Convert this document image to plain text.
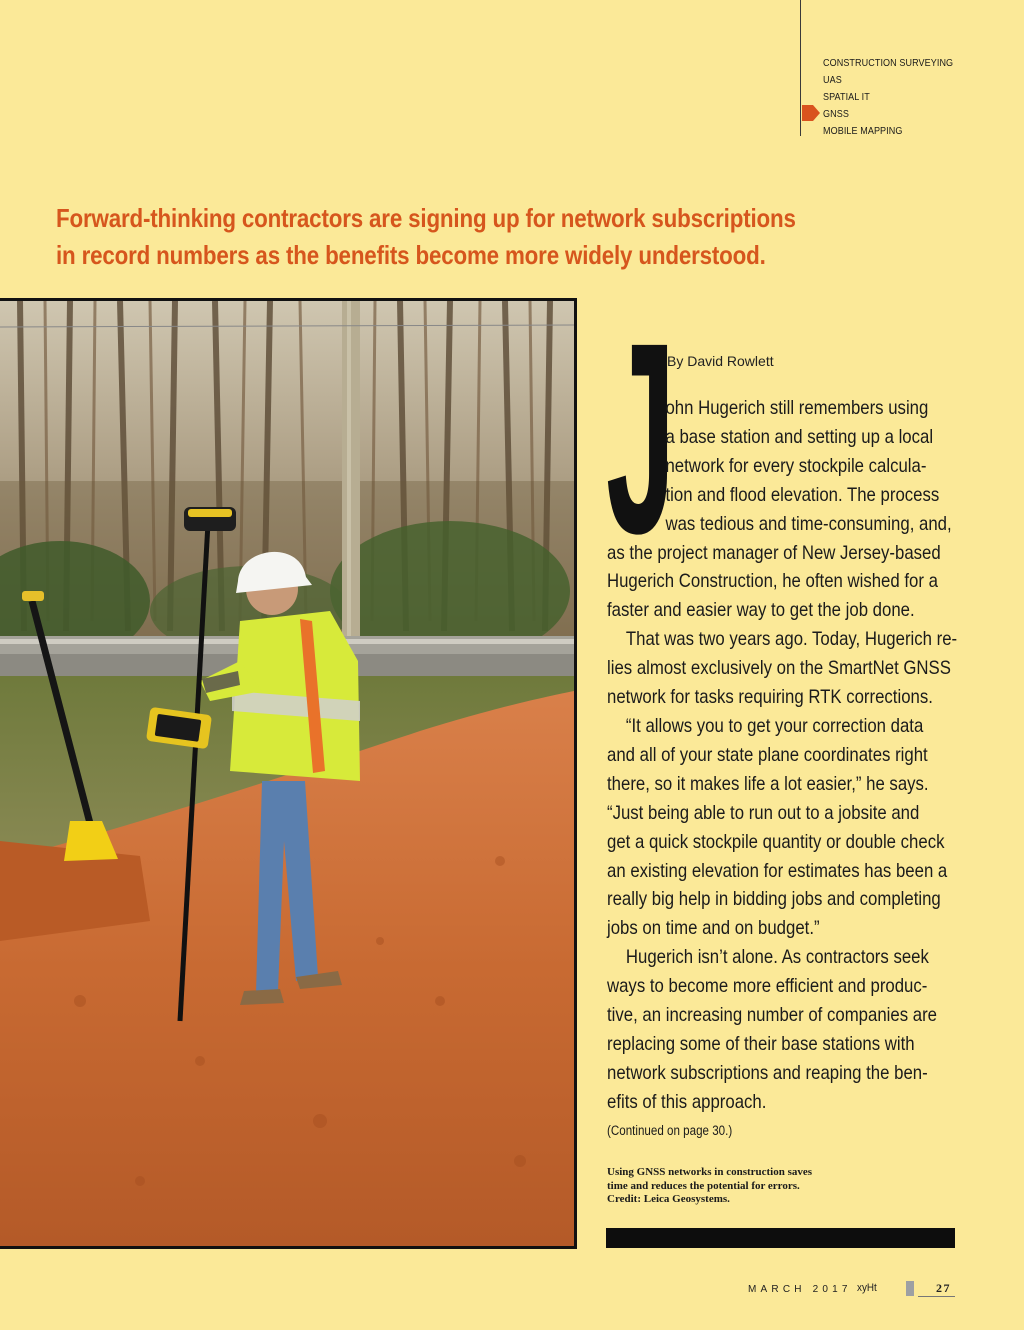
CONSTRUCTION SURVEYING
UAS
SPATIAL IT
GNSS
MOBILE MAPPING
Forward-thinking contractors are signing up for network subscriptions
in record numbers as the benefits become more widely understood.
J
By David Rowlett
ohn Hugerich still remembers using
a base station and setting up a local
network for every stockpile calcula-
tion and flood elevation. The process
was tedious and time-consuming, and,
as the project manager of New Jersey-based
Hugerich Construction, he often wished for a
faster and easier way to get the job done.
That was two years ago. Today, Hugerich re-
lies almost exclusively on the SmartNet GNSS
network for tasks requiring RTK corrections.
“It allows you to get your correction data
and all of your state plane coordinates right
there, so it makes life a lot easier,” he says.
“Just being able to run out to a jobsite and
get a quick stockpile quantity or double check
an existing elevation for estimates has been a
really big help in bidding jobs and completing
jobs on time and on budget.”
Hugerich isn’t alone. As contractors seek
ways to become more efficient and produc-
tive, an increasing number of companies are
replacing some of their base stations with
network subscriptions and reaping the ben-
efits of this approach.
(Continued on page 30.)
Using GNSS networks in construction saves
time and reduces the potential for errors.
Credit: Leica Geosystems.
MARCH 2017 xyHt	27
